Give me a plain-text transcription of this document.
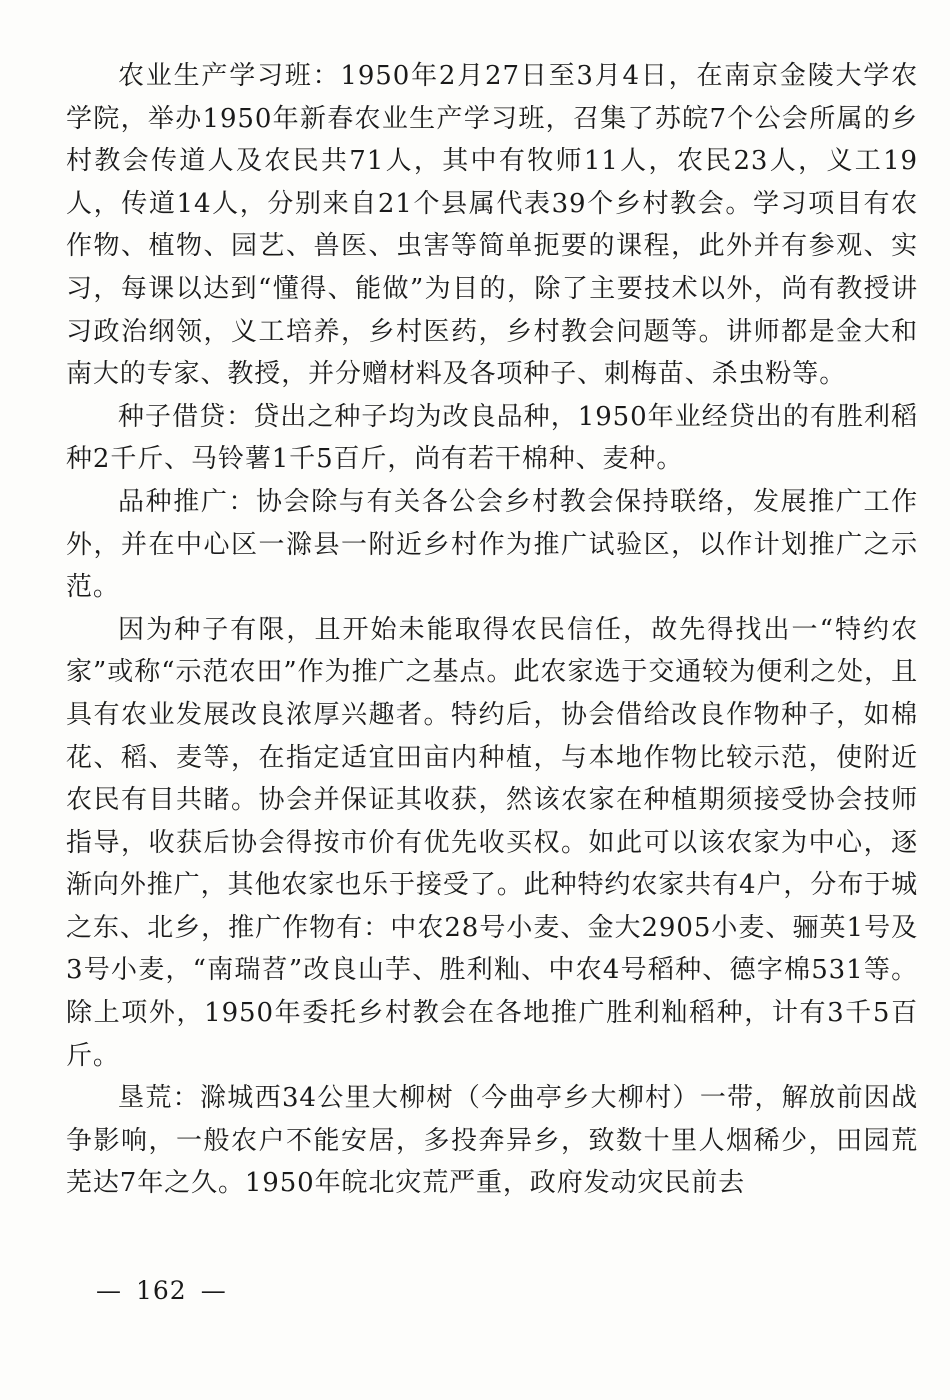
农业生产学习班：1950年2月27日至3月4日，在南京金陵大学农学院，举办1950年新春农业生产学习班，召集了苏皖7个公会所属的乡村教会传道人及农民共71人，其中有牧师11人，农民23人，义工19人，传道14人，分别来自21个县属代表39个乡村教会。学习项目有农作物、植物、园艺、兽医、虫害等简单扼要的课程，此外并有参观、实习，每课以达到“懂得、能做”为目的，除了主要技术以外，尚有教授讲习政治纲领，义工培养，乡村医药，乡村教会问题等。讲师都是金大和南大的专家、教授，并分赠材料及各项种子、刺梅苗、杀虫粉等。

种子借贷：贷出之种子均为改良品种，1950年业经贷出的有胜利稻种2千斤、马铃薯1千5百斤，尚有若干棉种、麦种。

品种推广：协会除与有关各公会乡村教会保持联络，发展推广工作外，并在中心区一滁县一附近乡村作为推广试验区，以作计划推广之示范。

因为种子有限，且开始未能取得农民信任，故先得找出一“特约农家”或称“示范农田”作为推广之基点。此农家选于交通较为便利之处，且具有农业发展改良浓厚兴趣者。特约后，协会借给改良作物种子，如棉花、稻、麦等，在指定适宜田亩内种植，与本地作物比较示范，使附近农民有目共睹。协会并保证其收获，然该农家在种植期须接受协会技师指导，收获后协会得按市价有优先收买权。如此可以该农家为中心，逐渐向外推广，其他农家也乐于接受了。此种特约农家共有4户，分布于城之东、北乡，推广作物有：中农28号小麦、金大2905小麦、骊英1号及3号小麦，“南瑞苕”改良山芋、胜利籼、中农4号稻种、德字棉531等。除上项外，1950年委托乡村教会在各地推广胜利籼稻种，计有3千5百斤。

垦荒：滁城西34公里大柳树（今曲亭乡大柳村）一带，解放前因战争影响，一般农户不能安居，多投奔异乡，致数十里人烟稀少，田园荒芜达7年之久。1950年皖北灾荒严重，政府发动灾民前去

— 162 —
